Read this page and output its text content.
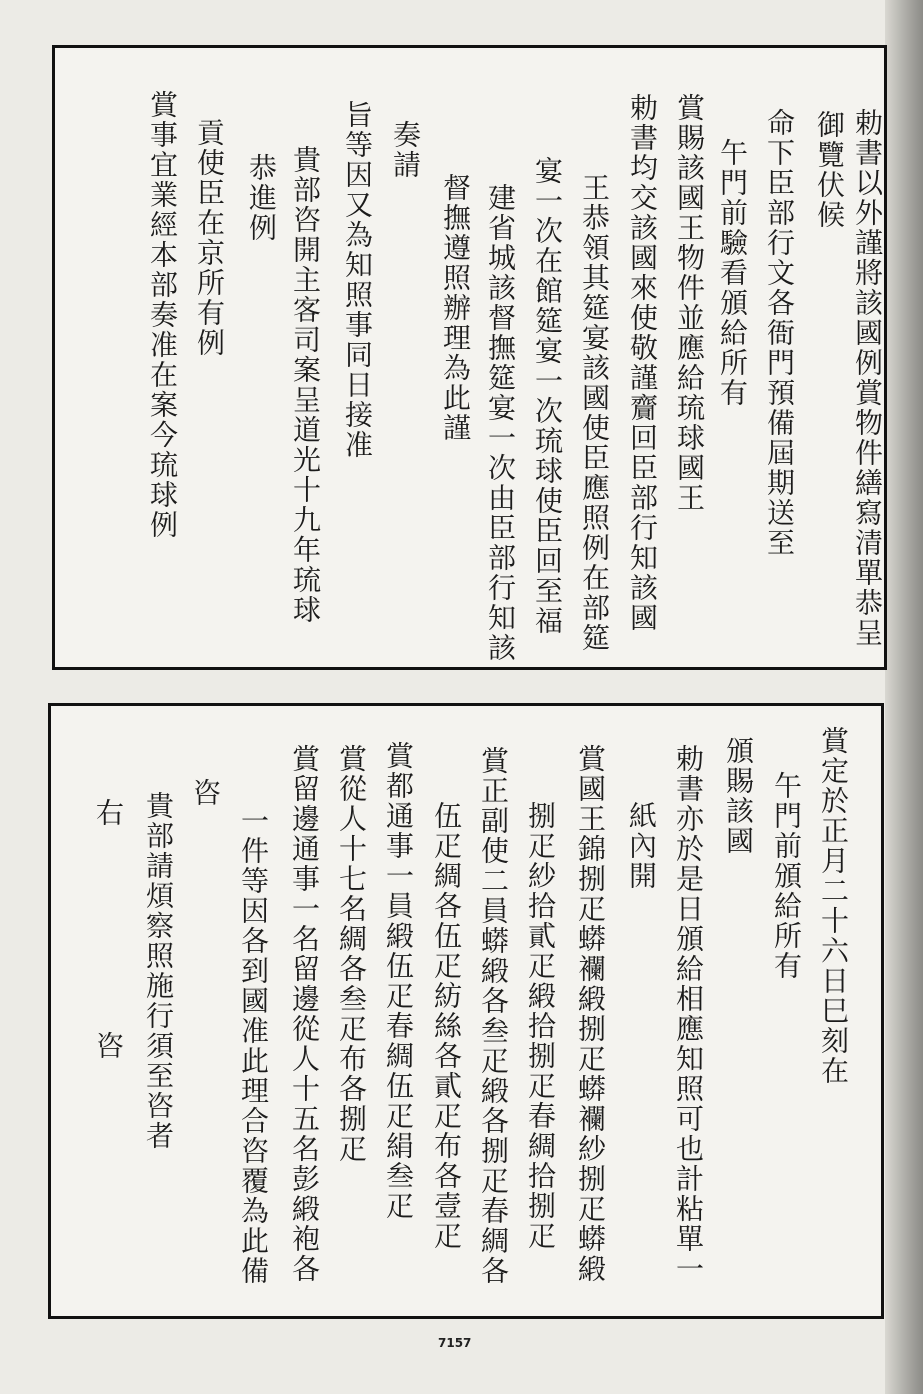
勅書以外謹將該國例賞物件繕寫清單恭呈
御覽伏候
命下臣部行文各衙門預備屆期送至
午門前驗看頒給所有
賞賜該國王物件並應給琉球國王
勅書均交該國來使敬謹齎回臣部行知該國
王恭領其筵宴該國使臣應照例在部筵
宴一次在館筵宴一次琉球使臣回至福
建省城該督撫筵宴一次由臣部行知該
督撫遵照辦理為此謹
奏請
旨等因又為知照事同日接准
貴部咨開主客司案呈道光十九年琉球
恭進例
貢使臣在京所有例
賞事宜業經本部奏准在案今琉球例
賞定於正月二十六日巳刻在
午門前頒給所有
頒賜該國
勅書亦於是日頒給相應知照可也計粘單一
紙內開
賞國王錦捌疋蟒襴緞捌疋蟒襴紗捌疋蟒緞
捌疋紗拾貳疋緞拾捌疋春綢拾捌疋
賞正副使二員蟒緞各叁疋緞各捌疋春綢各
伍疋綢各伍疋紡絲各貳疋布各壹疋
賞都通事一員緞伍疋春綢伍疋絹叁疋
賞從人十七名綢各叁疋布各捌疋
賞留邊通事一名留邊從人十五名彭緞袍各
一件等因各到國准此理合咨覆為此備
咨
貴部請煩察照施行須至咨者
右
咨
7157
